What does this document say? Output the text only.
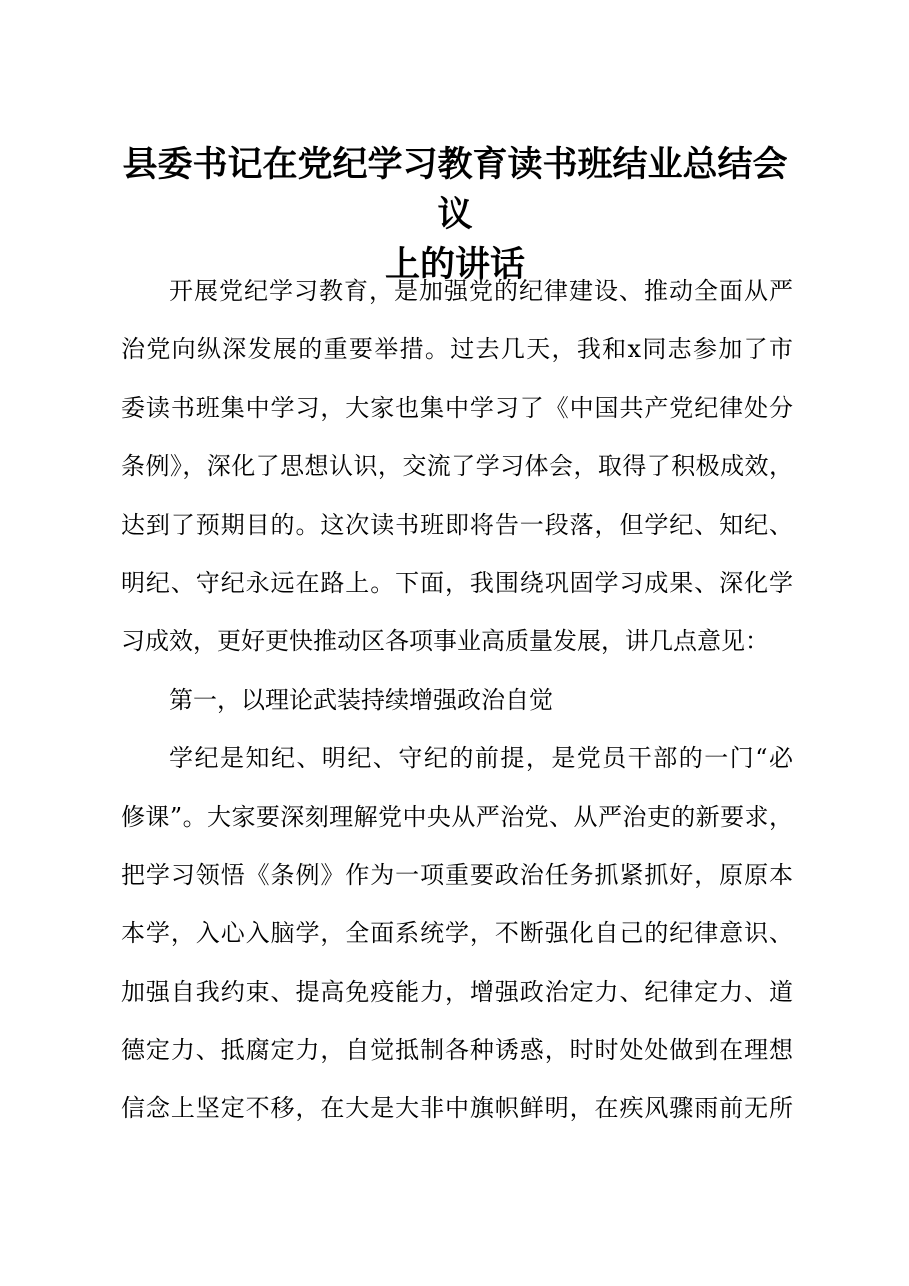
县委书记在党纪学习教育读书班结业总结会议
上的讲话
开展党纪学习教育，是加强党的纪律建设、推动全面从严
治党向纵深发展的重要举措。过去几天，我和x同志参加了市
委读书班集中学习，大家也集中学习了《中国共产党纪律处分
条例》，深化了思想认识，交流了学习体会，取得了积极成效，
达到了预期目的。这次读书班即将告一段落，但学纪、知纪、
明纪、守纪永远在路上。下面，我围绕巩固学习成果、深化学
习成效，更好更快推动区各项事业高质量发展，讲几点意见：
第一，以理论武装持续增强政治自觉
学纪是知纪、明纪、守纪的前提，是党员干部的一门“必
修课”。大家要深刻理解党中央从严治党、从严治吏的新要求，
把学习领悟《条例》作为一项重要政治任务抓紧抓好，原原本
本学，入心入脑学，全面系统学，不断强化自己的纪律意识、
加强自我约束、提高免疫能力，增强政治定力、纪律定力、道
德定力、抵腐定力，自觉抵制各种诱惑，时时处处做到在理想
信念上坚定不移，在大是大非中旗帜鲜明，在疾风骤雨前无所
